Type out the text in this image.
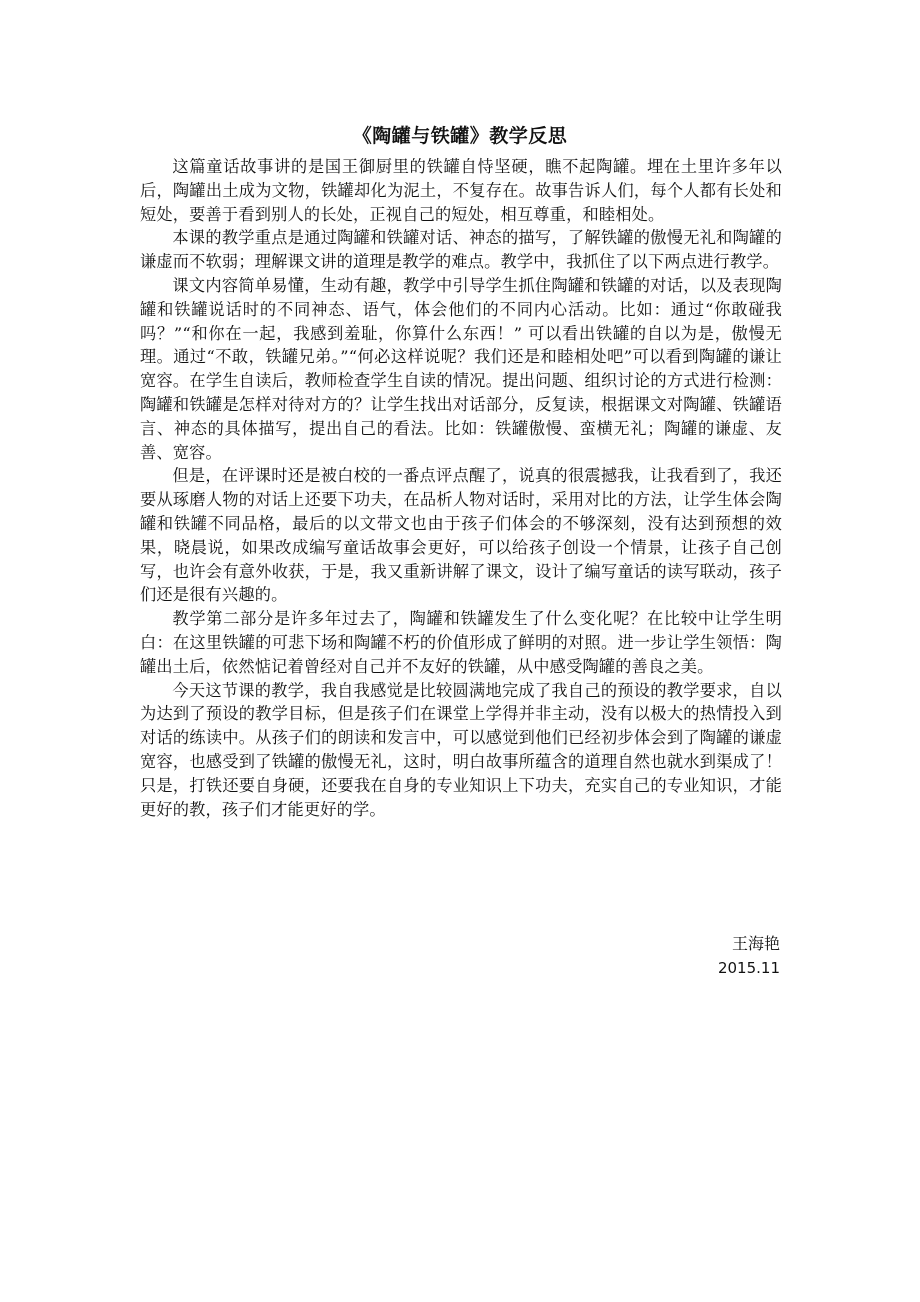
《陶罐与铁罐》教学反思

这篇童话故事讲的是国王御厨里的铁罐自恃坚硬，瞧不起陶罐。埋在土里许多年以后，陶罐出土成为文物，铁罐却化为泥土，不复存在。故事告诉人们，每个人都有长处和短处，要善于看到别人的长处，正视自己的短处，相互尊重，和睦相处。

本课的教学重点是通过陶罐和铁罐对话、神态的描写，了解铁罐的傲慢无礼和陶罐的谦虚而不软弱；理解课文讲的道理是教学的难点。教学中，我抓住了以下两点进行教学。

课文内容简单易懂，生动有趣，教学中引导学生抓住陶罐和铁罐的对话，以及表现陶罐和铁罐说话时的不同神态、语气，体会他们的不同内心活动。比如：通过“你敢碰我吗？”“和你在一起，我感到羞耻，你算什么东西！” 可以看出铁罐的自以为是，傲慢无理。通过“不敢，铁罐兄弟。”“何必这样说呢？我们还是和睦相处吧”可以看到陶罐的谦让宽容。在学生自读后，教师检查学生自读的情况。提出问题、组织讨论的方式进行检测：陶罐和铁罐是怎样对待对方的？让学生找出对话部分，反复读，根据课文对陶罐、铁罐语言、神态的具体描写，提出自己的看法。比如：铁罐傲慢、蛮横无礼；陶罐的谦虚、友善、宽容。

但是，在评课时还是被白校的一番点评点醒了，说真的很震撼我，让我看到了，我还要从琢磨人物的对话上还要下功夫，在品析人物对话时，采用对比的方法，让学生体会陶罐和铁罐不同品格，最后的以文带文也由于孩子们体会的不够深刻，没有达到预想的效果，晓晨说，如果改成编写童话故事会更好，可以给孩子创设一个情景，让孩子自己创写，也许会有意外收获，于是，我又重新讲解了课文，设计了编写童话的读写联动，孩子们还是很有兴趣的。

教学第二部分是许多年过去了，陶罐和铁罐发生了什么变化呢？在比较中让学生明白：在这里铁罐的可悲下场和陶罐不朽的价值形成了鲜明的对照。进一步让学生领悟：陶罐出土后，依然惦记着曾经对自己并不友好的铁罐，从中感受陶罐的善良之美。

今天这节课的教学，我自我感觉是比较圆满地完成了我自己的预设的教学要求，自以为达到了预设的教学目标，但是孩子们在课堂上学得并非主动，没有以极大的热情投入到对话的练读中。从孩子们的朗读和发言中，可以感觉到他们已经初步体会到了陶罐的谦虚宽容，也感受到了铁罐的傲慢无礼，这时，明白故事所蕴含的道理自然也就水到渠成了！只是，打铁还要自身硬，还要我在自身的专业知识上下功夫，充实自己的专业知识，才能更好的教，孩子们才能更好的学。

王海艳
2015.11
